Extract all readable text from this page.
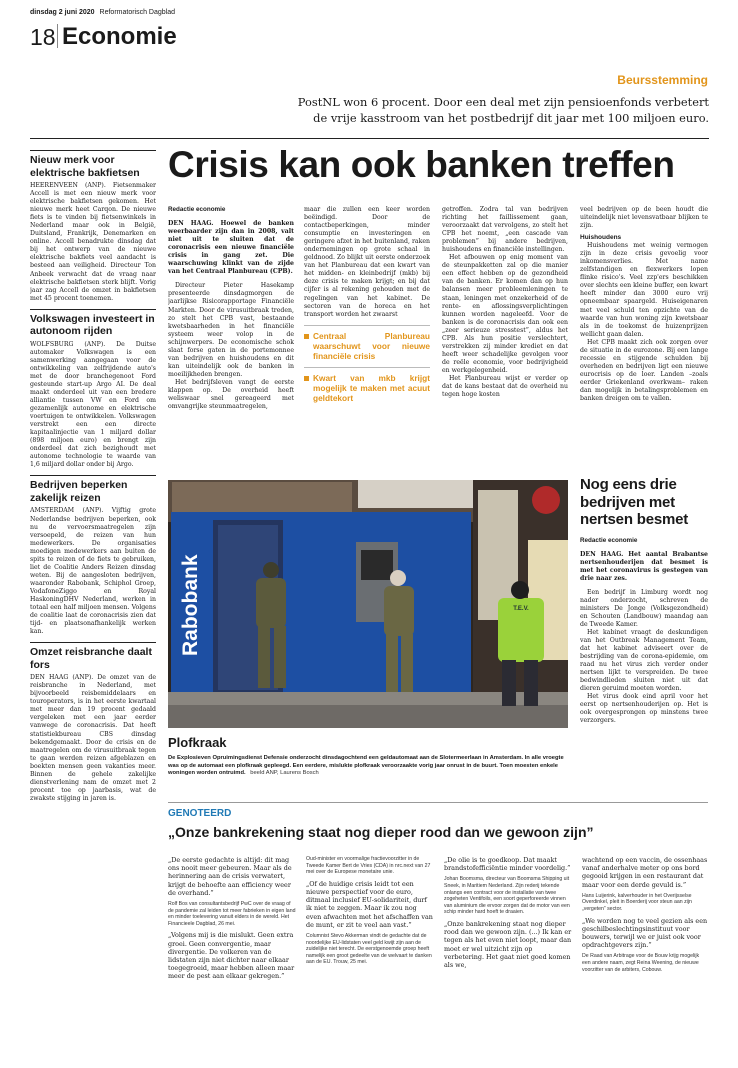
dinsdag 2 juni 2020 Reformatorisch Dagblad
18 Economie
Beursstemming
PostNL won 6 procent. Door een deal met zijn pensioenfonds verbetert de vrije kasstroom van het postbedrijf dit jaar met 100 miljoen euro.
Nieuw merk voor elektrische bakfietsen
HEERENVEEN (ANP). Fietsenmaker Accell is met een nieuw merk voor elektrische bakfietsen gekomen. Het nieuwe merk heet Carqon. De nieuwe fiets is te vinden bij fietsenwinkels in Nederland maar ook in België, Duitsland, Frankrijk, Denemarken en online. Accell benadrukte dinsdag dat bij het ontwerp van de nieuwe elektrische bakfiets veel aandacht is besteed aan veiligheid. Directeur Ton Anbeek verwacht dat de vraag naar elektrische bakfietsen sterk blijft. Vorig jaar zag Accell de omzet in bakfietsen met 45 procent toenemen.
Volkswagen investeert in autonoom rijden
WOLFSBURG (ANP). De Duitse automaker Volkswagen is een samenwerking aangegaan voor de ontwikkeling van zelfrijdende auto's met de door branchegenoot Ford gesteunde start-up Argo AI. De deal maakt onderdeel uit van een bredere alliantie tussen VW en Ford om gezamenlijk autonome en elektrische voertuigen te ontwikkelen. Volkswagen verstrekt een een directe kapitaalinjectie van 1 miljard dollar (898 miljoen euro) en brengt zijn onderdeel dat zich bezighoudt met autonome technologie te waarde van 1,6 miljard dollar onder bij Argo.
Bedrijven beperken zakelijk reizen
AMSTERDAM (ANP). Vijftig grote Nederlandse bedrijven beperken, ook nu de vervoersmaatregelen zijn versoepeld, de reizen van hun medewerkers. De organisaties moedigen medewerkers aan buiten de spits te reizen of de fiets te gebruiken, liet de Coalitie Anders Reizen dinsdag weten. Bij de aangesloten bedrijven, waaronder Rabobank, Schiphol Groep, VodafoneZiggo en Royal HaskoningDHV Nederland, werken in totaal een half miljoen mensen. Volgens de coalitie laat de coronacrisis zien dat tijd- en plaatsonafhankelijk werken kan.
Omzet reisbranche daalt fors
DEN HAAG (ANP). De omzet van de reisbranche in Nederland, met bijvoorbeeld reisbemiddelaars en touroperators, is in het eerste kwartaal met meer dan 19 procent gedaald vergeleken met een jaar eerder vanwege de coronacrisis. Dat heeft statistiekbureau CBS dinsdag bekendgemaakt. Door de crisis en de maatregelen om de virusuitbraak tegen te gaan werden reizen afgeblazen en boekten mensen geen vakanties meer. Binnen de gehele zakelijke dienstverlening nam de omzet met 2 procent toe op jaarbasis, wat de zwakste stijging in jaren is.
Crisis kan ook banken treffen
Redactie economie

DEN HAAG. Hoewel de banken weerbaarder zijn dan in 2008, valt niet uit te sluiten dat de coronacrisis een nieuwe financiële crisis in gang zet. Die waarschuwing klinkt van de zijde van het Centraal Planbureau (CPB).

Directeur Pieter Hasekamp presenteerde dinsdagmorgen de jaarlijkse Risicorapportage Financiële Markten. Door de virusuitbraak treden, zo stelt het CPB vast, bestaande kwetsbaarheden in het financiële systeem weer volop in de schijnwerpers. De economische schok slaat forse gaten in de portemonnee van bedrijven en huishoudens en dit kan uiteindelijk ook de banken in moeilijkheden brengen.

Het bedrijfsleven vangt de eerste klappen op. De overheid heeft weliswaar snel gereageerd met omvangrijke steunmaatregelen,

maar die zullen een keer worden beëindigd. Door de contactbeperkingen, minder consumptie en investeringen en geringere afzet in het buitenland, raken ondernemingen op grote schaal in geldnood. Zo blijkt uit eerste onderzoek van het Planbureau dat een kwart van het midden- en kleinbedrijf (mkb) bij deze crisis te maken krijgt; en bij dat cijfer is al rekening gehouden met de regelingen van het kabinet. De sectoren van de horeca en het transport worden het zwaarst

Centraal Planbureau waarschuwt voor nieuwe financiële crisis
Kwart van mkb krijgt mogelijk te maken met acuut geldtekort

getroffen. Zodra tal van bedrijven richting het faillissement gaan, veroorzaakt dat vervolgens, zo stelt het CPB het noemt, „een cascade van problemen” bij andere bedrijven, huishoudens en financiële instellingen.

Het afbouwen op enig moment van de steunpakketten zal op die manier een effect hebben op de gezondheid van de banken. Er komen dan op hun balansen meer probleemleningen te staan, leningen met onzekerheid of de rente- en aflossingsverplichtingen kunnen worden nageleefd. Voor de banken is de coronacrisis dan ook een „zeer serieuze stresstest”, aldus het CPB. Als hun positie verslechtert, verstrekken zij minder krediet en dat heeft weer schadelijke gevolgen voor de reële economie, voor bedrijvigheid en werkgelegenheid.

Het Planbureau wijst er verder op dat de kans bestaat dat de overheid nu tegen hoge kosten

veel bedrijven op de been houdt die uiteindelijk niet levensvatbaar blijken te zijn.

Huishoudens

Huishoudens met weinig vermogen zijn in deze crisis gevoelig voor inkomensverlies. Met name zelfstandigen en flexwerkers lopen flinke risico's. Veel zzp'ers beschikken over slechts een kleine buffer, een kwart heeft minder dan 3000 euro vrij opneembaar spaargeld. Huiseigenaren met veel schuld ten opzichte van de waarde van hun woning zijn kwetsbaar als in de toekomst de huizenprijzen wellicht gaan dalen.

Het CPB maakt zich ook zorgen over de situatie in de eurozone. Bij een lange recessie en stijgende schulden bij overheden en bedrijven ligt een nieuwe eurocrisis op de loer. Landen –zoals eerder Griekenland overkwam– raken dan mogelijk in betalingsproblemen en banken dreigen om te vallen.

Rabobank	T.E.V.
Plofkraak
De Explosieven Opruimingsdienst Defensie onderzocht dinsdagochtend een geldautomaat aan de Slotermeerlaan in Amsterdam. In alle vroegte was op de automaat een plofkraak gepleegd. Een eerdere, mislukte plofkraak veroorzaakte vorig jaar onrust in de buurt. Toen moesten enkele woningen worden ontruimd. beeld ANP, Laurens Bosch
Nog eens drie bedrijven met nertsen besmet
Redactie economie

DEN HAAG. Het aantal Brabantse nertsenhouderijen dat besmet is met het coronavirus is gestegen van drie naar zes.

Een bedrijf in Limburg wordt nog nader onderzocht, schreven de ministers De Jonge (Volksgezondheid) en Schouten (Landbouw) maandag aan de Tweede Kamer.

Het kabinet vraagt de deskundigen van het Outbreak Management Team, dat het kabinet adviseert over de bestrijding van de corona-epidemie, om raad nu het virus zich verder onder nertsen lijkt te verspreiden. De twee bedwindlieden sluiten niet uit dat dieren geruimd moeten worden.

Het virus dook eind april voor het eerst op nertsenhouderijen op. Het is ook overgesprongen op minstens twee verzorgers.

GENOTEERD
„Onze bankrekening staat nog dieper rood dan we gewoon zijn”

„De eerste gedachte is altijd: dit mag ons nooit meer gebeuren. Maar als de herinnering aan de crisis verwatert, krijgt de behoefte aan efficiency weer de overhand.”

Rolf Bos van consultantsbedrijf PwC over de vraag of de pandemie zal leiden tot meer fabrieken in eigen land en minder toelevering vanuit elders in de wereld. Het Financieele Dagblad, 26 mei.

„Volgens mij is die mislukt. Geen extra groei. Geen convergentie, maar divergentie. De volkeren van de lidstaten zijn niet dichter naar elkaar toegegroeid, maar hebben alleen maar meer de pest aan elkaar gekregen.”

Oud-minister en voormalige fractievoorzitter in de Tweede Kamer Bert de Vries (CDA) in nrc.next van 27 mei over de Europese monetaire unie.

„Of de huidige crisis leidt tot een nieuwe perspectief voor de euro, ditmaal inclusief EU-solidariteit, durf ik niet te zeggen. Maar ik zou nog even afwachten met het afschaffen van de munt, er zit te veel aan vast.”

Columnist Stevo Akkerman vindt de gedachte dat de noordelijke EU-lidstaten veel geld kwijt zijn aan de zuidelijke niet terecht. De eerstgenoemde groep heeft namelijk een groot gedeelte van de welvaart te danken aan de EU. Trouw, 25 mei.

„De olie is te goedkoop. Dat maakt brandstofefficiëntie minder voordelig.”

Johan Boomsma, directeur van Boomsma Shipping uit Sneek, in Maritiem Nederland. Zijn rederij tekende onlangs een contract voor de installatie van twee zogeheten Ventifoils, een soort geperforeerde vinnen van aluminium die ervoor zorgen dat de motor van een schip minder hard hoeft te draaien.

„Onze bankrekening staat nog dieper rood dan we gewoon zijn. (...) Ik kan er tegen als het even niet loopt, maar dan moet er wel uitzicht zijn op verbetering. Het gaat niet goed komen als we,

wachtend op een vaccin, de ossenhaas vanaf anderhalve meter op ons bord gegooid krijgen in een restaurant dat maar voor een derde gevuld is.”

Hans Luijerink, kalverhouder in het Overijsselse Overdinkel, pleit in Boerderij voor steun aan zijn „vergeten” sector.

„We worden nog te veel gezien als een geschilbeslechtingsinstituut voor bouwers, terwijl we er juist ook voor opdrachtgevers zijn.”

De Raad van Arbitrage voor de Bouw krijg mogelijk een andere naam, zegt Reina Weening, de nieuwe voorzitter van de arbiters, Cobouw.
